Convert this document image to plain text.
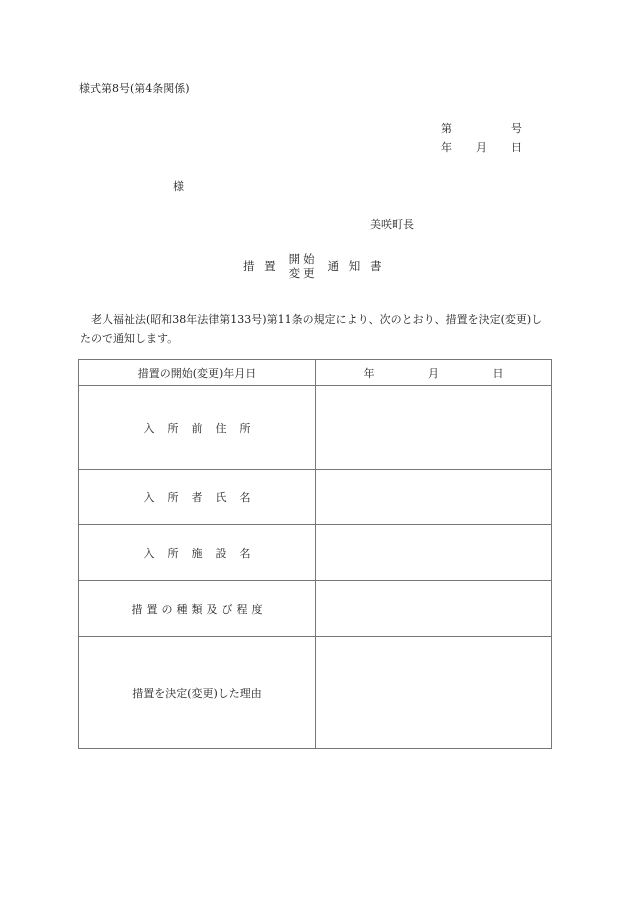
様式第8号(第4条関係)
第	号
年 月 日
様
美咲町長
措 置 開始
変更 通 知 書
老人福祉法(昭和38年法律第133号)第11条の規定により、次のとおり、措置を決定(変更)したので通知します。
措置の開始(変更)年月日	年 月 日
入所前住所	
入所者氏名	
入所施設名	
措置の種類及び程度	
措置を決定(変更)した理由	
